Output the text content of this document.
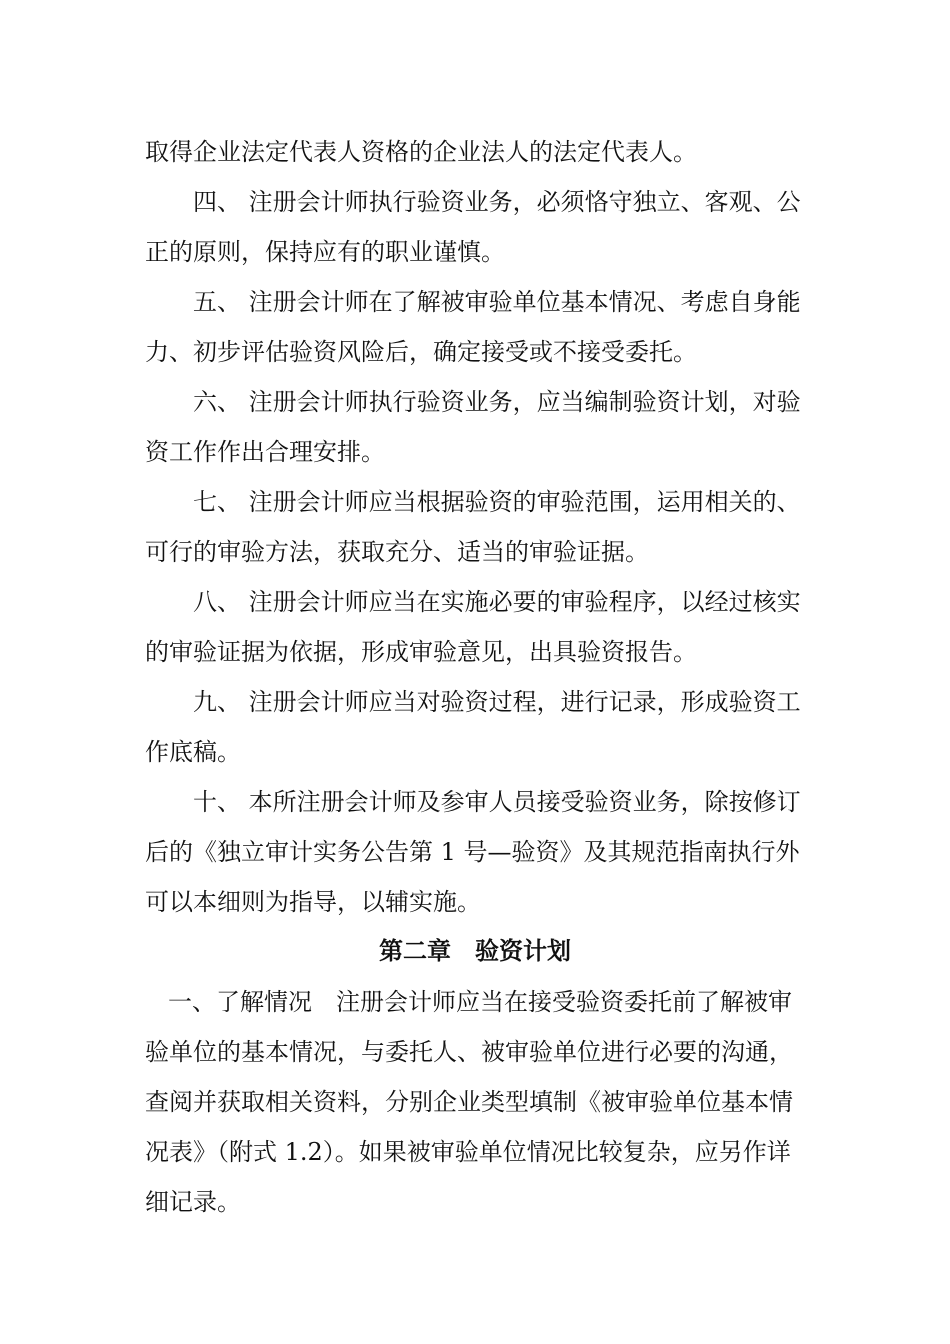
取得企业法定代表人资格的企业法人的法定代表人。
四、 注册会计师执行验资业务，必须恪守独立、客观、公
正的原则，保持应有的职业谨慎。
五、 注册会计师在了解被审验单位基本情况、考虑自身能
力、初步评估验资风险后，确定接受或不接受委托。
六、 注册会计师执行验资业务，应当编制验资计划，对验
资工作作出合理安排。
七、 注册会计师应当根据验资的审验范围，运用相关的、
可行的审验方法，获取充分、适当的审验证据。
八、 注册会计师应当在实施必要的审验程序，以经过核实
的审验证据为依据，形成审验意见，出具验资报告。
九、 注册会计师应当对验资过程，进行记录，形成验资工
作底稿。
十、 本所注册会计师及参审人员接受验资业务，除按修订
后的《独立审计实务公告第 1 号—验资》及其规范指南执行外
可以本细则为指导，以辅实施。
第二章　验资计划
一、了解情况　注册会计师应当在接受验资委托前了解被审
验单位的基本情况，与委托人、被审验单位进行必要的沟通，
查阅并获取相关资料，分别企业类型填制《被审验单位基本情
况表》（附式 1.2）。如果被审验单位情况比较复杂，应另作详
细记录。
